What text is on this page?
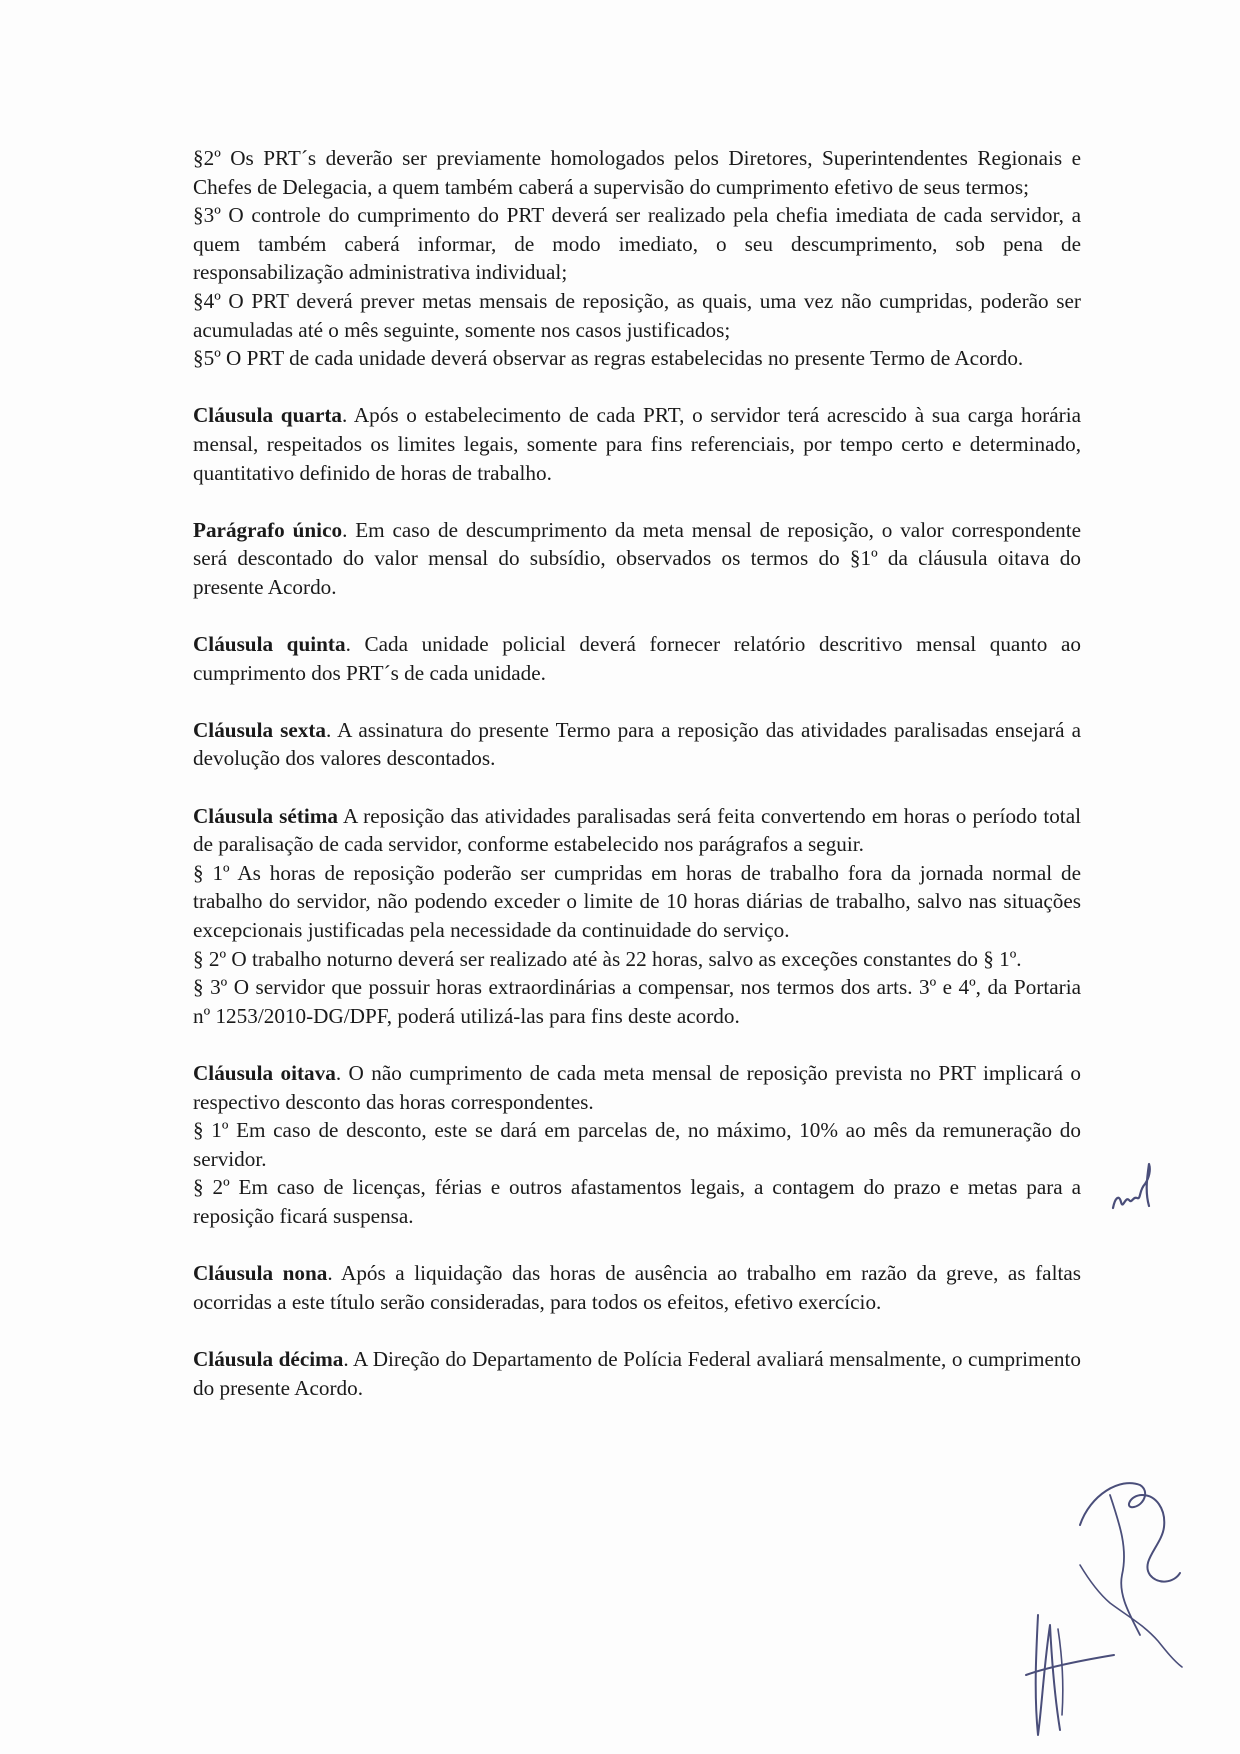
§2º Os PRT´s deverão ser previamente homologados pelos Diretores, Superintendentes Regionais e Chefes de Delegacia, a quem também caberá a supervisão do cumprimento efetivo de seus termos;

§3º O controle do cumprimento do PRT deverá ser realizado pela chefia imediata de cada servidor, a quem também caberá informar, de modo imediato, o seu descumprimento, sob pena de responsabilização administrativa individual;

§4º O PRT deverá prever metas mensais de reposição, as quais, uma vez não cumpridas, poderão ser acumuladas até o mês seguinte, somente nos casos justificados;

§5º O PRT de cada unidade deverá observar as regras estabelecidas no presente Termo de Acordo.

Cláusula quarta. Após o estabelecimento de cada PRT, o servidor terá acrescido à sua carga horária mensal, respeitados os limites legais, somente para fins referenciais, por tempo certo e determinado, quantitativo definido de horas de trabalho.

Parágrafo único. Em caso de descumprimento da meta mensal de reposição, o valor correspondente será descontado do valor mensal do subsídio, observados os termos do §1º da cláusula oitava do presente Acordo.

Cláusula quinta. Cada unidade policial deverá fornecer relatório descritivo mensal quanto ao cumprimento dos PRT´s de cada unidade.

Cláusula sexta. A assinatura do presente Termo para a reposição das atividades paralisadas ensejará a devolução dos valores descontados.

Cláusula sétima A reposição das atividades paralisadas será feita convertendo em horas o período total de paralisação de cada servidor, conforme estabelecido nos parágrafos a seguir.

§ 1º As horas de reposição poderão ser cumpridas em horas de trabalho fora da jornada normal de trabalho do servidor, não podendo exceder o limite de 10 horas diárias de trabalho, salvo nas situações excepcionais justificadas pela necessidade da continuidade do serviço.

§ 2º O trabalho noturno deverá ser realizado até às 22 horas, salvo as exceções constantes do § 1º.

§ 3º O servidor que possuir horas extraordinárias a compensar, nos termos dos arts. 3º e 4º, da Portaria nº 1253/2010-DG/DPF, poderá utilizá-las para fins deste acordo.

Cláusula oitava. O não cumprimento de cada meta mensal de reposição prevista no PRT implicará o respectivo desconto das horas correspondentes.

§ 1º Em caso de desconto, este se dará em parcelas de, no máximo, 10% ao mês da remuneração do servidor.

§ 2º Em caso de licenças, férias e outros afastamentos legais, a contagem do prazo e metas para a reposição ficará suspensa.

Cláusula nona. Após a liquidação das horas de ausência ao trabalho em razão da greve, as faltas ocorridas a este título serão consideradas, para todos os efeitos, efetivo exercício.

Cláusula décima. A Direção do Departamento de Polícia Federal avaliará mensalmente, o cumprimento do presente Acordo.
